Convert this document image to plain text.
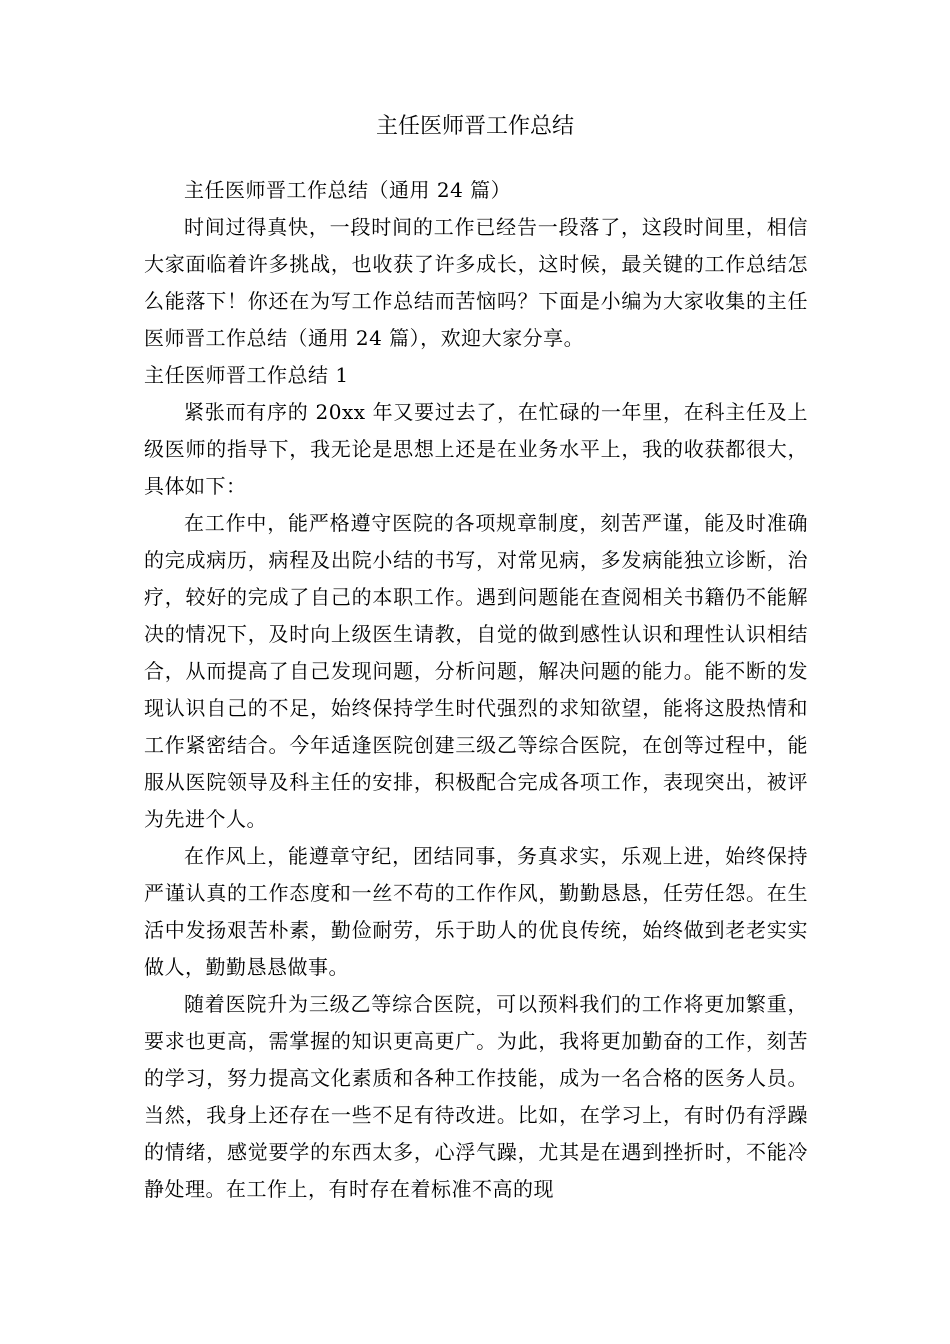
主任医师晋工作总结

主任医师晋工作总结（通用 24 篇）

时间过得真快，一段时间的工作已经告一段落了，这段时间里，相信大家面临着许多挑战，也收获了许多成长，这时候，最关键的工作总结怎么能落下！你还在为写工作总结而苦恼吗？下面是小编为大家收集的主任医师晋工作总结（通用 24 篇），欢迎大家分享。

主任医师晋工作总结 1

紧张而有序的 20xx 年又要过去了，在忙碌的一年里，在科主任及上级医师的指导下，我无论是思想上还是在业务水平上，我的收获都很大，具体如下：

在工作中，能严格遵守医院的各项规章制度，刻苦严谨，能及时准确的完成病历，病程及出院小结的书写，对常见病，多发病能独立诊断，治疗，较好的完成了自己的本职工作。遇到问题能在查阅相关书籍仍不能解决的情况下，及时向上级医生请教，自觉的做到感性认识和理性认识相结合，从而提高了自己发现问题，分析问题，解决问题的能力。能不断的发现认识自己的不足，始终保持学生时代强烈的求知欲望，能将这股热情和工作紧密结合。今年适逢医院创建三级乙等综合医院，在创等过程中，能服从医院领导及科主任的安排，积极配合完成各项工作，表现突出，被评为先进个人。

在作风上，能遵章守纪，团结同事，务真求实，乐观上进，始终保持严谨认真的工作态度和一丝不苟的工作作风，勤勤恳恳，任劳任怨。在生活中发扬艰苦朴素，勤俭耐劳，乐于助人的优良传统，始终做到老老实实做人，勤勤恳恳做事。

随着医院升为三级乙等综合医院，可以预料我们的工作将更加繁重，要求也更高，需掌握的知识更高更广。为此，我将更加勤奋的工作，刻苦的学习，努力提高文化素质和各种工作技能，成为一名合格的医务人员。当然，我身上还存在一些不足有待改进。比如，在学习上，有时仍有浮躁的情绪，感觉要学的东西太多，心浮气躁，尤其是在遇到挫折时，不能冷静处理。在工作上，有时存在着标准不高的现
